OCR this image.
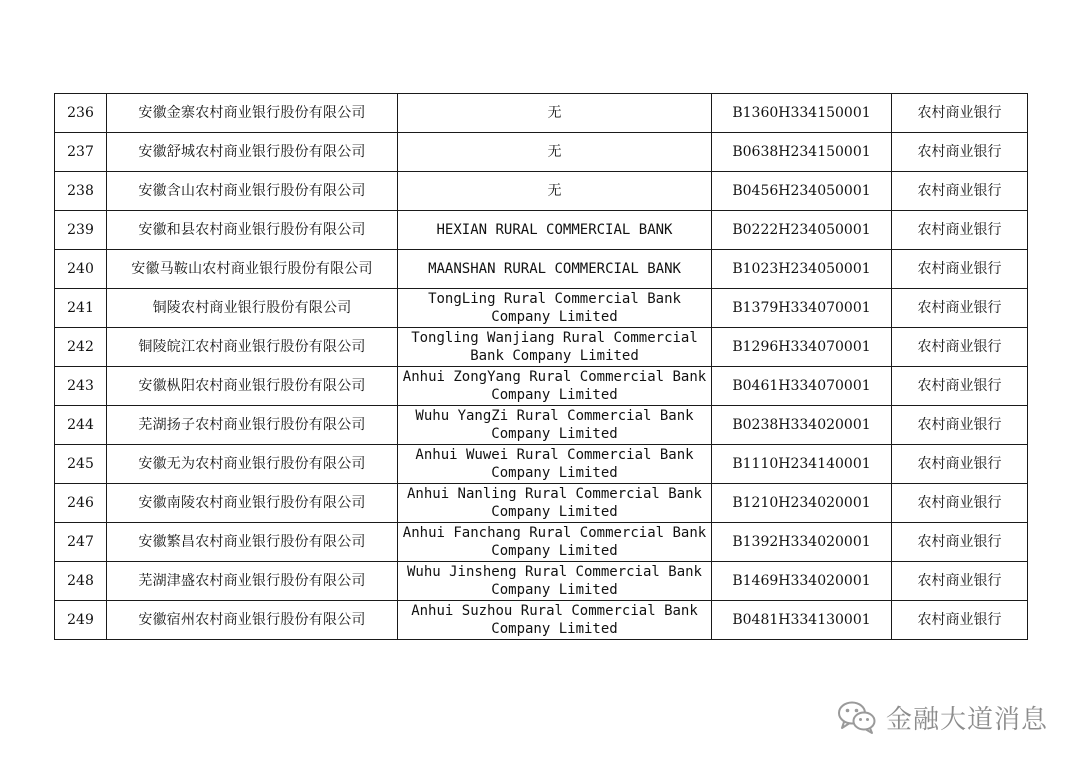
236	安徽金寨农村商业银行股份有限公司	无	B1360H334150001	农村商业银行
237	安徽舒城农村商业银行股份有限公司	无	B0638H234150001	农村商业银行
238	安徽含山农村商业银行股份有限公司	无	B0456H234050001	农村商业银行
239	安徽和县农村商业银行股份有限公司	HEXIAN RURAL COMMERCIAL BANK	B0222H234050001	农村商业银行
240	安徽马鞍山农村商业银行股份有限公司	MAANSHAN RURAL COMMERCIAL BANK	B1023H234050001	农村商业银行
241	铜陵农村商业银行股份有限公司	TongLing Rural Commercial Bank Company Limited	B1379H334070001	农村商业银行
242	铜陵皖江农村商业银行股份有限公司	Tongling Wanjiang Rural Commercial Bank Company Limited	B1296H334070001	农村商业银行
243	安徽枞阳农村商业银行股份有限公司	Anhui ZongYang Rural Commercial Bank Company Limited	B0461H334070001	农村商业银行
244	芜湖扬子农村商业银行股份有限公司	Wuhu YangZi Rural Commercial Bank Company Limited	B0238H334020001	农村商业银行
245	安徽无为农村商业银行股份有限公司	Anhui Wuwei Rural Commercial Bank Company Limited	B1110H234140001	农村商业银行
246	安徽南陵农村商业银行股份有限公司	Anhui Nanling Rural Commercial Bank Company Limited	B1210H234020001	农村商业银行
247	安徽繁昌农村商业银行股份有限公司	Anhui Fanchang Rural Commercial Bank Company Limited	B1392H334020001	农村商业银行
248	芜湖津盛农村商业银行股份有限公司	Wuhu Jinsheng Rural Commercial Bank Company Limited	B1469H334020001	农村商业银行
249	安徽宿州农村商业银行股份有限公司	Anhui Suzhou Rural Commercial Bank Company Limited	B0481H334130001	农村商业银行
金融大道消息
